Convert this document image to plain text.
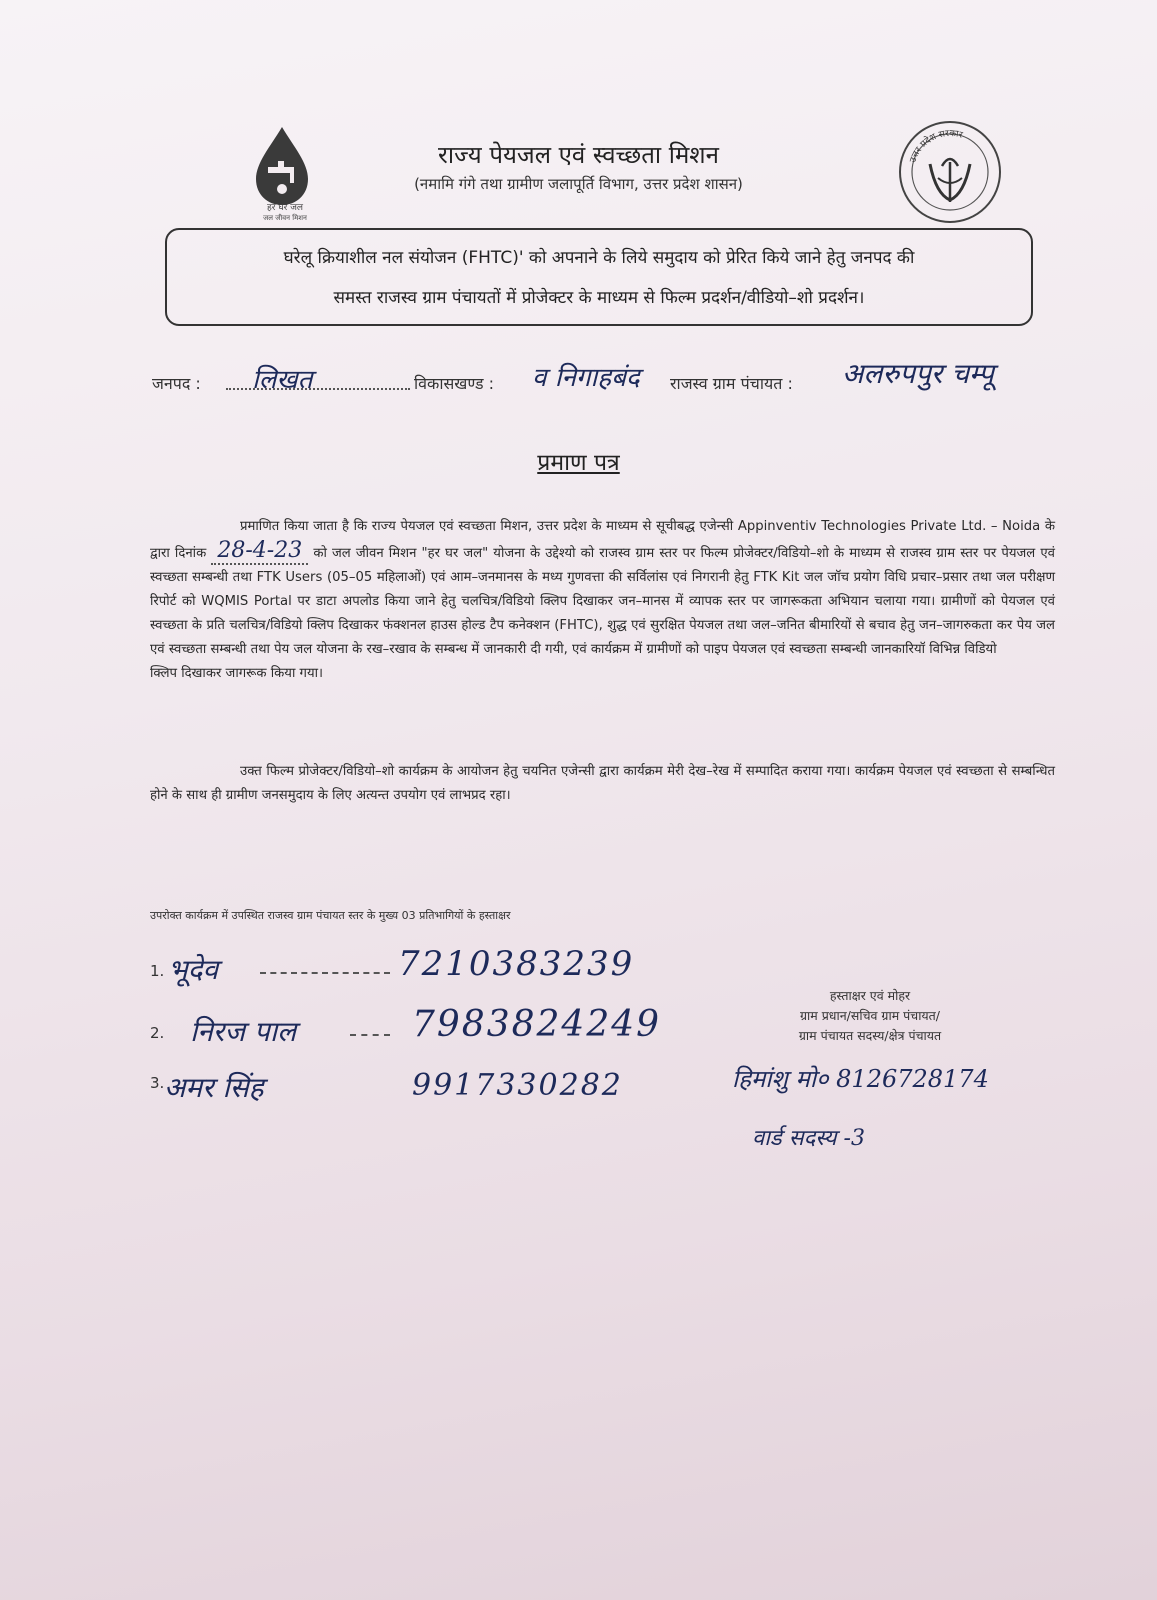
हर घर जल
जल जीवन मिशन
राज्य पेयजल एवं स्वच्छता मिशन
(नमामि गंगे तथा ग्रामीण जलापूर्ति विभाग, उत्तर प्रदेश शासन)
उत्तर प्रदेश सरकार
घरेलू क्रियाशील नल संयोजन (FHTC)' को अपनाने के लिये समुदाय को प्रेरित किये जाने हेतु जनपद की
समस्त राजस्व ग्राम पंचायतों में प्रोजेक्टर के माध्यम से फिल्म प्रदर्शन/वीडियो–शो प्रदर्शन।
जनपद : लिखत	विकासखण्ड : व निगाहबंद राजस्व ग्राम पंचायत : अलरुपपुर चम्पू
प्रमाण पत्र
प्रमाणित किया जाता है कि राज्य पेयजल एवं स्वच्छता मिशन, उत्तर प्रदेश के माध्यम से सूचीबद्ध एजेन्सी Appinventiv Technologies Private Ltd. – Noida के द्वारा दिनांक 28-4-23 को जल जीवन मिशन "हर घर जल" योजना के उद्देश्यो को राजस्व ग्राम स्तर पर फिल्म प्रोजेक्टर/विडियो–शो के माध्यम से राजस्व ग्राम स्तर पर पेयजल एवं स्वच्छता सम्बन्धी तथा FTK Users (05–05 महिलाओं) एवं आम–जनमानस के मध्य गुणवत्ता की सर्विलांस एवं निगरानी हेतु FTK Kit जल जॉच प्रयोग विधि प्रचार–प्रसार तथा जल परीक्षण रिपोर्ट को WQMIS Portal पर डाटा अपलोड किया जाने हेतु चलचित्र/विडियो क्लिप दिखाकर जन–मानस में व्यापक स्तर पर जागरूकता अभियान चलाया गया। ग्रामीणों को पेयजल एवं स्वच्छता के प्रति चलचित्र/विडियो क्लिप दिखाकर फंक्शनल हाउस होल्ड टैप कनेक्शन (FHTC), शुद्ध एवं सुरक्षित पेयजल तथा जल–जनित बीमारियों से बचाव हेतु जन–जागरुकता कर पेय जल एवं स्वच्छता सम्बन्धी तथा पेय जल योजना के रख–रखाव के सम्बन्ध में जानकारी दी गयी, एवं कार्यक्रम में ग्रामीणों को पाइप पेयजल एवं स्वच्छता सम्बन्धी जानकारियॉ विभिन्न विडियो
क्लिप दिखाकर जागरूक किया गया।
उक्त फिल्म प्रोजेक्टर/विडियो–शो कार्यक्रम के आयोजन हेतु चयनित एजेन्सी द्वारा कार्यक्रम मेरी देख–रेख में सम्पादित कराया गया। कार्यक्रम पेयजल एवं स्वच्छता से सम्बन्धित होने के साथ ही ग्रामीण जनसमुदाय के लिए अत्यन्त उपयोग एवं लाभप्रद रहा।
उपरोक्त कार्यक्रम में उपस्थित राजस्व ग्राम पंचायत स्तर के मुख्य 03 प्रतिभागियों के हस्ताक्षर
1. भूदेव	7210383239
2. निरज पाल	7983824249
3. अमर सिंह	9917330282
हस्ताक्षर एवं मोहर
ग्राम प्रधान/सचिव ग्राम पंचायत/
ग्राम पंचायत सदस्य/क्षेत्र पंचायत
हिमांशु मो० 8126728174
वार्ड सदस्य -3
